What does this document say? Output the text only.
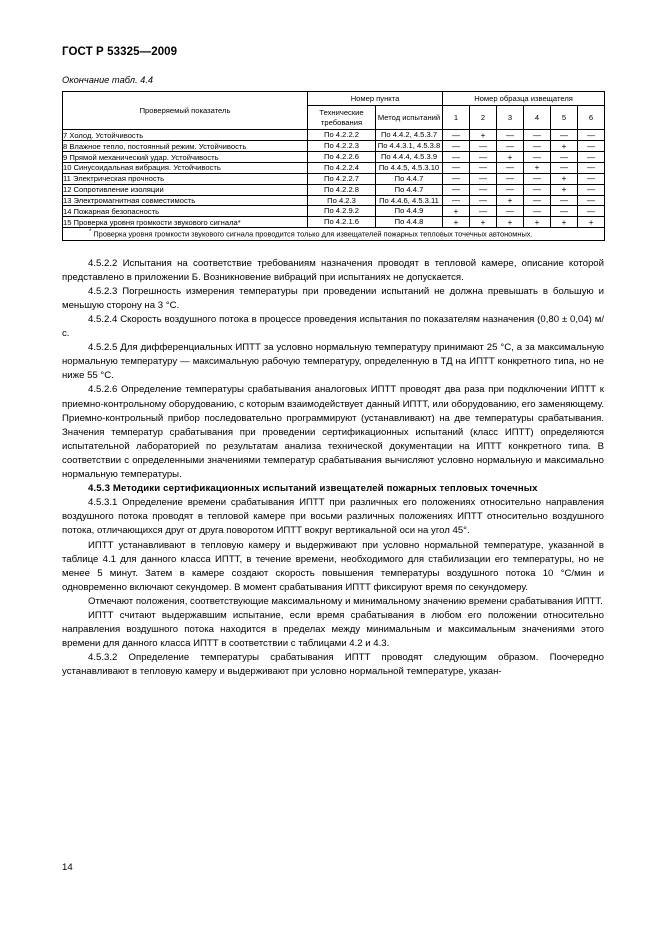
ГОСТ Р 53325—2009
Окончание табл. 4.4
Проверяемый показатель	Номер пункта		Номер образца извещателя					
	Технические требования	Метод испытаний	1	2	3	4	5	6
7 Холод. Устойчивость	По 4.2.2.2	По 4.4.2, 4.5.3.7	—	+	—	—	—	—
8 Влажное тепло, постоянный режим. Устойчивость	По 4.2.2.3	По 4.4.3.1, 4.5.3.8	—	—	—	—	+	—
9 Прямой механический удар. Устойчивость	По 4.2.2.6	По 4.4.4, 4.5.3.9	—	—	+	—	—	—
10 Синусоидальная вибрация. Устойчивость	По 4.2.2.4	По 4.4.5, 4.5.3.10	—	—	—	+	—	—
11 Электрическая прочность	По 4.2.2.7	По 4.4.7	—	—	—	—	+	—
12 Сопротивление изоляции	По 4.2.2.8	По 4.4.7	—	—	—	—	+	—
13 Электромагнитная совместимость	По 4.2.3	По 4.4.6, 4.5.3.11	—	—	+	—	—	—
14 Пожарная безопасность	По 4.2.9.2	По 4.4.9	+	—	—	—	—	—
15 Проверка уровня громкости звукового сигнала*	По 4.2.1.6	По 4.4.8	+	+	+	+	+	+
* Проверка уровня громкости звукового сигнала проводится только для извещателей пожарных тепловых точечных автономных.								

4.5.2.2 Испытания на соответствие требованиям назначения проводят в тепловой камере, описание которой представлено в приложении Б. Возникновение вибраций при испытаниях не допускается.

4.5.2.3 Погрешность измерения температуры при проведении испытаний не должна превышать в большую и меньшую сторону на 3 °С.

4.5.2.4 Скорость воздушного потока в процессе проведения испытания по показателям назначения (0,80 ± 0,04) м/с.

4.5.2.5 Для дифференциальных ИПТТ за условно нормальную температуру принимают 25 °С, а за максимальную нормальную температуру — максимальную рабочую температуру, определенную в ТД на ИПТТ конкретного типа, но не ниже 55 °С.

4.5.2.6 Определение температуры срабатывания аналоговых ИПТТ проводят два раза при подключении ИПТТ к приемно-контрольному оборудованию, с которым взаимодействует данный ИПТТ, или оборудованию, его заменяющему. Приемно-контрольный прибор последовательно программируют (устанавливают) на две температуры срабатывания. Значения температур срабатывания при проведении сертификационных испытаний (класс ИПТТ) определяются испытательной лабораторией по результатам анализа технической документации на ИПТТ конкретного типа. В соответствии с определенными значениями температур срабатывания вычисляют условно нормальную и максимально нормальную температуры.

4.5.3 Методики сертификационных испытаний извещателей пожарных тепловых точечных

4.5.3.1 Определение времени срабатывания ИПТТ при различных его положениях относительно направления воздушного потока проводят в тепловой камере при восьми различных положениях ИПТТ относительно воздушного потока, отличающихся друг от друга поворотом ИПТТ вокруг вертикальной оси на угол 45°.

ИПТТ устанавливают в тепловую камеру и выдерживают при условно нормальной температуре, указанной в таблице 4.1 для данного класса ИПТТ, в течение времени, необходимого для стабилизации его температуры, но не менее 5 минут. Затем в камере создают скорость повышения температуры воздушного потока 10 °С/мин и одновременно включают секундомер. В момент срабатывания ИПТТ фиксируют время по секундомеру.

Отмечают положения, соответствующие максимальному и минимальному значению времени срабатывания ИПТТ.

ИПТТ считают выдержавшим испытание, если время срабатывания в любом его положении относительно направления воздушного потока находится в пределах между минимальным и максимальным значениями этого времени для данного класса ИПТТ в соответствии с таблицами 4.2 и 4.3.

4.5.3.2 Определение температуры срабатывания ИПТТ проводят следующим образом. Поочередно устанавливают в тепловую камеру и выдерживают при условно нормальной температуре, указан-

14
